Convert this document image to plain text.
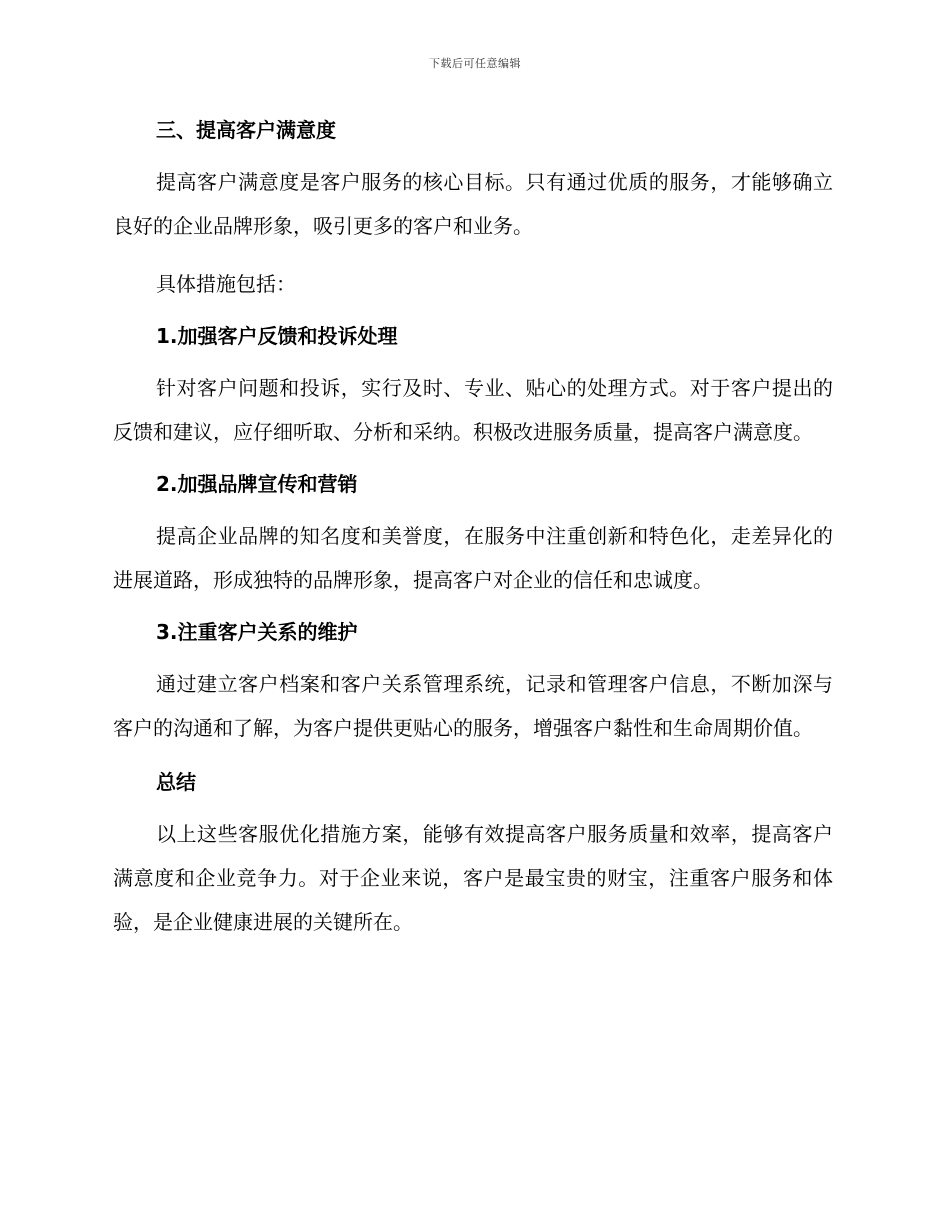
下载后可任意编辑
三、提高客户满意度

提高客户满意度是客户服务的核心目标。只有通过优质的服务，才能够确立良好的企业品牌形象，吸引更多的客户和业务。

具体措施包括：

1.加强客户反馈和投诉处理

针对客户问题和投诉，实行及时、专业、贴心的处理方式。对于客户提出的反馈和建议，应仔细听取、分析和采纳。积极改进服务质量，提高客户满意度。

2.加强品牌宣传和营销

提高企业品牌的知名度和美誉度，在服务中注重创新和特色化，走差异化的进展道路，形成独特的品牌形象，提高客户对企业的信任和忠诚度。

3.注重客户关系的维护

通过建立客户档案和客户关系管理系统，记录和管理客户信息，不断加深与客户的沟通和了解，为客户提供更贴心的服务，增强客户黏性和生命周期价值。

总结

以上这些客服优化措施方案，能够有效提高客户服务质量和效率，提高客户满意度和企业竞争力。对于企业来说，客户是最宝贵的财宝，注重客户服务和体验，是企业健康进展的关键所在。
